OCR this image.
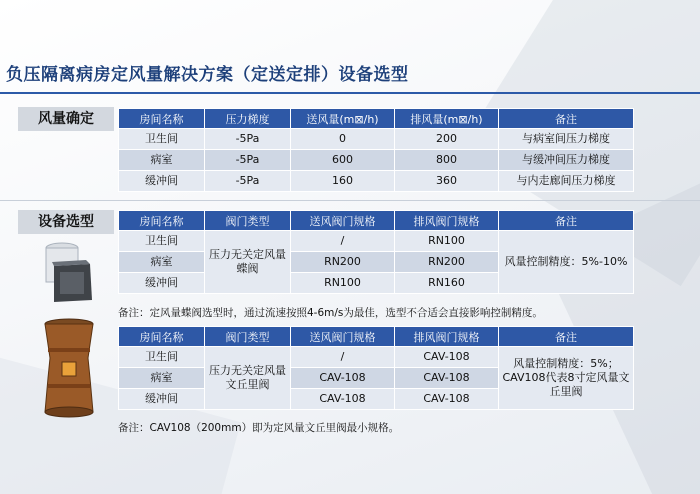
负压隔离病房定风量解决方案（定送定排）设备选型
风量确定	房间名称	压力梯度	送风量(m⊠/h)	排风量(m⊠/h)	备注
卫生间	-5Pa	0	200	与病室间压力梯度
病室	-5Pa	600	800	与缓冲间压力梯度
缓冲间	-5Pa	160	360	与内走廊间压力梯度
设备选型	房间名称	阀门类型	送风阀门规格	排风阀门规格	备注
卫生间	压力无关定风量蝶阀	/	RN100	风量控制精度：5%-10%
病室		RN200	RN200	
缓冲间		RN100	RN160	
备注：定风量蝶阀选型时，通过流速按照4-6m/s为最佳，选型不合适会直接影响控制精度。
房间名称	阀门类型	送风阀门规格	排风阀门规格	备注
卫生间	压力无关定风量文丘里阀	/	CAV-108	风量控制精度：5%；CAV108代表8寸定风量文丘里阀
病室		CAV-108	CAV-108	
缓冲间		CAV-108	CAV-108	
备注：CAV108（200mm）即为定风量文丘里阀最小规格。
